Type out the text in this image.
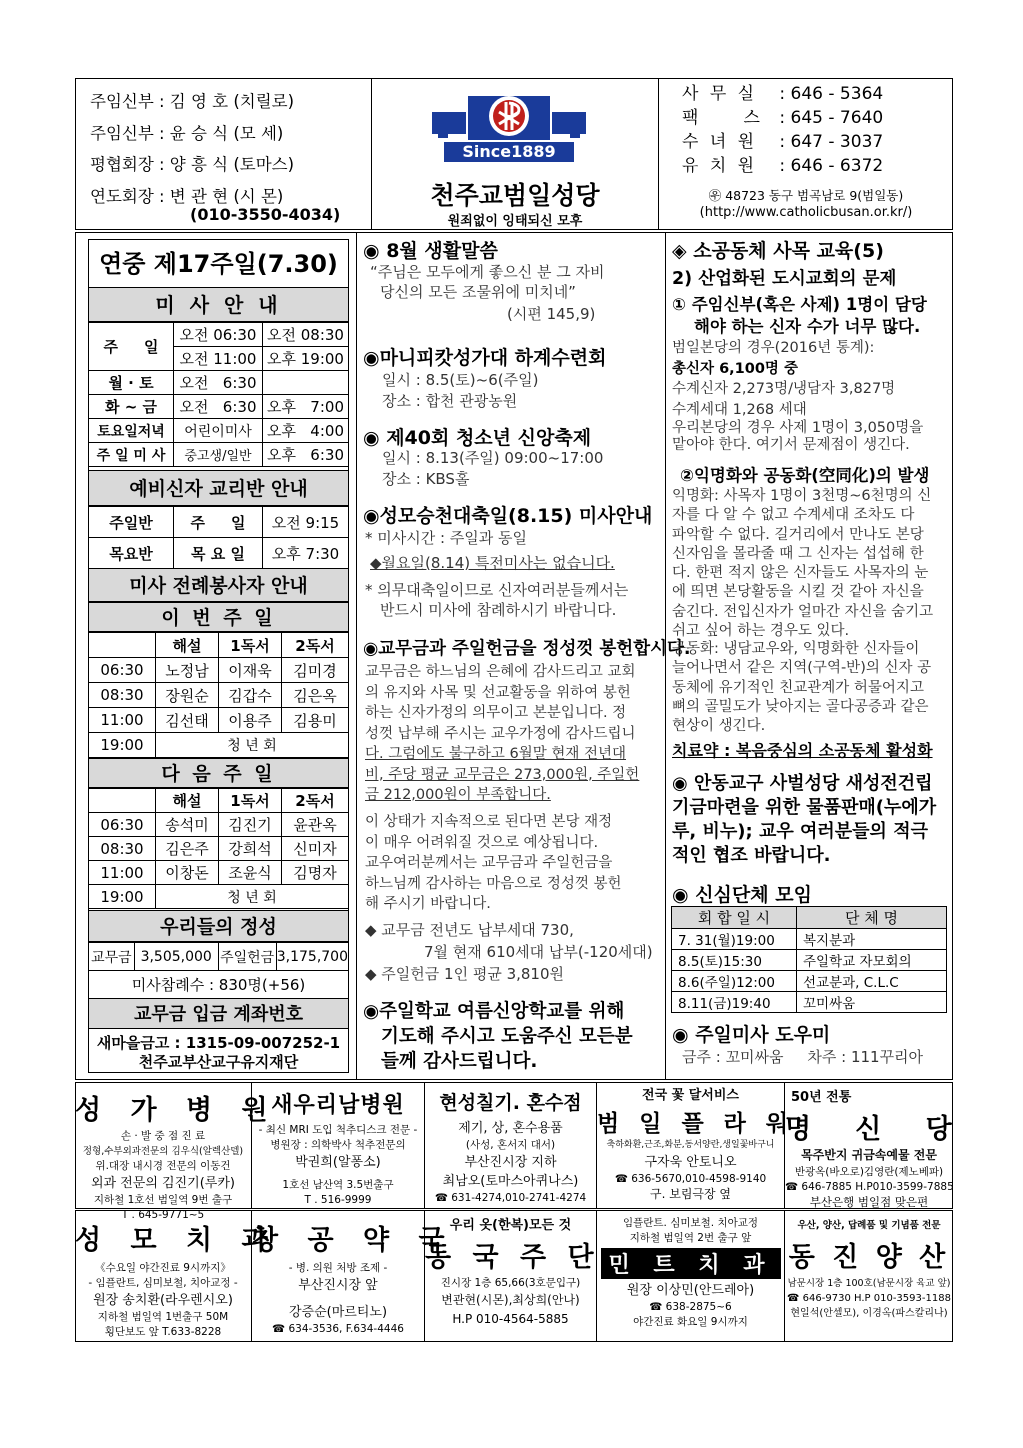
주임신부 : 김 영 호 (치릴로)
주임신부 : 윤 승 식 (모 세)
평협회장 : 양 흥 식 (토마스)
연도회장 : 변 관 현 (시 몬)
(010-3550-4034)
Since1889
천주교범일성당
원죄없이 잉태되신 모후
사 무 실 : 646 - 5364
팩     스 : 645 - 7640
수 녀 원 : 647 - 3037
유 치 원 : 646 - 6372
㉾ 48723 동구 범곡남로 9(범일동)
(http://www.catholicbusan.or.kr/)
연중 제17주일(7.30)
미 사 안 내
주     일	오전 06:30	오전 08:30
	오전 11:00	오후 19:00
월 · 토	오전   6:30	
화 ~ 금	오전   6:30	오후   7:00
토요일저녁	어린이미사	오후   4:00
주 일 미 사	중고생/일반	오후   6:30
예비신자 교리반 안내
주일반	주     일	오전 9:15
목요반	목 요 일	오후 7:30
미사 전례봉사자 안내
이 번 주 일
	해설	1독서	2독서
06:30	노정남	이재욱	김미경
08:30	장원순	김갑수	김은옥
11:00	김선태	이용주	김용미
19:00	청 년 회		
다 음 주 일
	해설	1독서	2독서
06:30	송석미	김진기	윤관옥
08:30	김은주	강희석	신미자
11:00	이창돈	조윤식	김명자
19:00	청 년 회		
우리들의 정성
교무금	3,505,000	주일헌금	3,175,700
미사참례수 : 830명(+56)
교무금 입금 계좌번호
새마을금고 : 1315-09-007252-1
천주교부산교구유지재단
◉ 8월 생활말씀
“주님은 모두에게 좋으신 분 그 자비
당신의 모든 조물위에 미치네”
(시편 145,9)
◉마니피캇성가대 하계수련회
일시 : 8.5(토)~6(주일)
장소 : 합천 관광농원
◉ 제40회 청소년 신앙축제
일시 : 8.13(주일) 09:00~17:00
장소 : KBS홀
◉성모승천대축일(8.15) 미사안내
* 미사시간 : 주일과 동일
◆월요일(8.14) 특전미사는 없습니다.
* 의무대축일이므로 신자여러분들께서는
반드시 미사에 참례하시기 바랍니다.
◉교무금과 주일헌금을 정성껏 봉헌합시다.
교무금은 하느님의 은혜에 감사드리고 교회
의 유지와 사목 및 선교활동을 위하여 봉헌
하는 신자가정의 의무이고 본분입니다. 정
성껏 납부해 주시는 교우가정에 감사드립니
다. 그럼에도 불구하고 6월말 현재 전년대
비, 주당 평균 교무금은 273,000원, 주일헌
금 212,000원이 부족합니다.
이 상태가 지속적으로 된다면 본당 재정
이 매우 어려워질 것으로 예상됩니다.
교우여러분께서는 교무금과 주일헌금을
하느님께 감사하는 마음으로 정성껏 봉헌
해 주시기 바랍니다.
◆ 교무금 전년도 납부세대 730,
7월 현재 610세대 납부(-120세대)
◆ 주일헌금 1인 평균 3,810원
◉주일학교 여름신앙학교를 위해
기도해 주시고 도움주신 모든분
들께 감사드립니다.
◈ 소공동체 사목 교육(5)
2) 산업화된 도시교회의 문제
① 주임신부(혹은 사제) 1명이 담당
해야 하는 신자 수가 너무 많다.
범일본당의 경우(2016년 통계):
총신자 6,100명 중
수계신자 2,273명/냉담자 3,827명
수계세대 1,268 세대
우리본당의 경우 사제 1명이 3,050명을
맡아야 한다. 여기서 문제점이 생긴다.
②익명화와 공동화(空同化)의 발생
익명화: 사목자 1명이 3천명~6천명의 신
자를 다 알 수 없고 수계세대 조차도 다
파악할 수 없다. 길거리에서 만나도 본당
신자임을 몰라줄 때 그 신자는 섭섭해 한
다. 한편 적지 않은 신자들도 사목자의 눈
에 띄면 본당활동을 시킬 것 같아 자신을
숨긴다. 전입신자가 얼마간 자신을 숨기고
쉬고 싶어 하는 경우도 있다.
공동화: 냉담교우와, 익명화한 신자들이
늘어나면서 같은 지역(구역-반)의 신자 공
동체에 유기적인 친교관계가 허물어지고
뼈의 골밀도가 낮아지는 골다공증과 같은
현상이 생긴다.
치료약 : 복음중심의 소공동체 활성화
◉ 안동교구 사벌성당 새성전건립
기금마련을 위한 물품판매(누에가
루, 비누); 교우 여러분들의 적극
적인 협조 바랍니다.
◉ 신심단체 모임
회 합 일 시	단 체 명
7. 31(월)19:00	복지분과
8.5(토)15:30	주일학교 자모회의
8.6(주일)12:00	선교분과, C.L.C
8.11(금)19:40	꼬미싸움
◉ 주일미사 도우미
금주 : 꼬미싸움     차주 : 111꾸리아
성 가 병 원
손 · 발 중 점 진 료
정형,수부외과전문의 김우식(알렉산델)
위.대장 내시경 전문의 이동건
외과 전문의 김진기(루카)
지하철 1호선 범일역 9번 출구
T . 645-9771~5
새우리남병원
- 최신 MRI 도입 척추디스크 전문 -
병원장 : 의학박사 척추전문의
박권희(알퐁소)
1호선 남산역 3.5번출구
T . 516-9999
현성칠기. 혼수점
제기, 상, 혼수용품
(사성, 혼서지 대서)
부산진시장 지하
최남오(토마스아퀴나스)
☎ 631-4274,010-2741-4274
전국 꽃 달서비스
범 일 플 라 워
축하화환,근조,화분,동서양란,생일꽃바구니
구자욱 안토니오
☎ 636-5670,010-4598-9140
구. 보림극장 옆
50년 전통
명   신   당
목주반지 귀금속예물 전문
반광옥(바오로)김영란(제노베파)
☎ 646-7885 H.P010-3599-7885
부산은행 범일점 맞은편
성 모 치 과
《수요일 야간진료 9시까지》
- 임플란트, 심미보철, 치아교정 -
원장 송치환(라우렌시오)
지하철 범일역 1번출구 50M
횡단보도 앞 T.633-8228
창 공 약 국
- 병. 의원 처방 조제 -
부산진시장 앞
강증순(마르티노)
☎ 634-3536, F.634-4446
우리 옷(한복)모든 것
동 국 주 단
진시장 1층 65,66(3호문입구)
변관현(시몬),최상희(안나)
H.P 010-4564-5885
임플란트. 심미보철. 치아교정
지하철 범일역 2번 출구 앞
민 트 치 과
원장 이상민(안드레아)
☎ 638-2875~6
야간진료 화요일 9시까지
우산, 양산, 답례품 및 기념품 전문
동 진 양 산
남문시장 1층 100호(남문시장 육교 앞)
☎ 646-9730 H.P 010-3593-1188
현일석(안셀모), 이경옥(파스칼리나)
